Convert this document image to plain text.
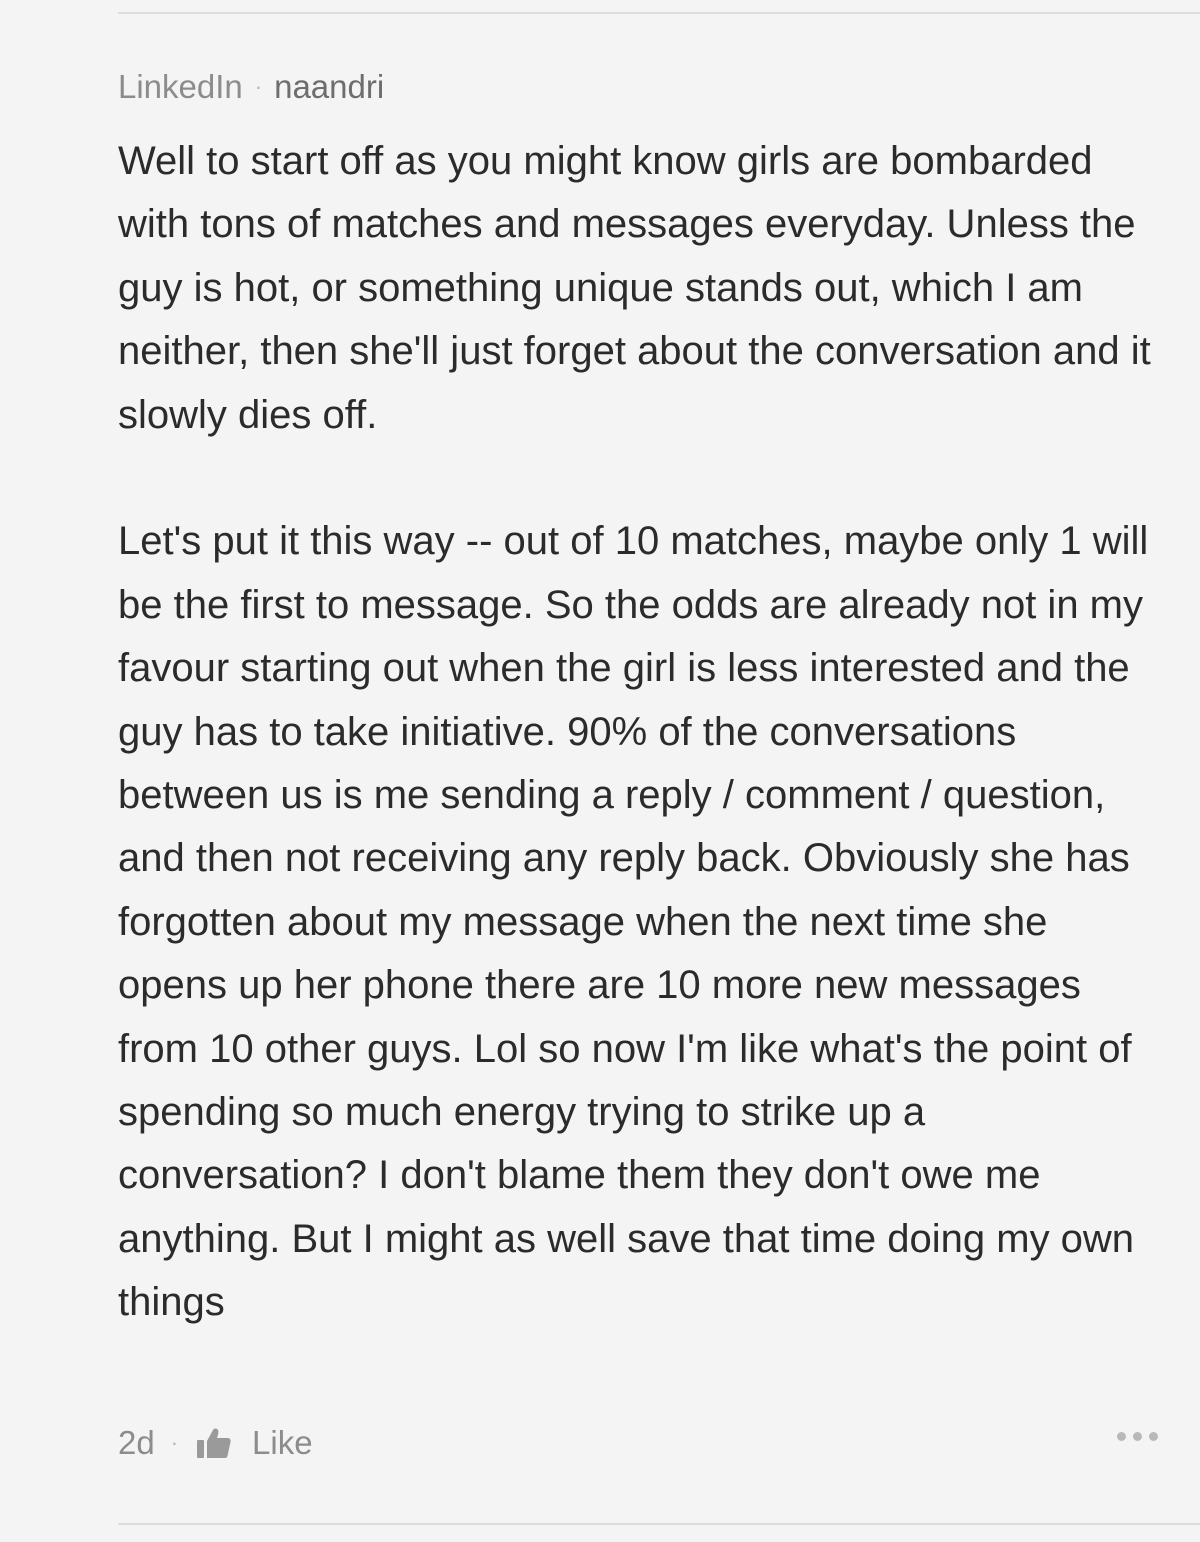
LinkedIn · naandri

Well to start off as you might know girls are bombarded with tons of matches and messages everyday. Unless the guy is hot, or something unique stands out, which I am neither, then she'll just forget about the conversation and it slowly dies off.

Let's put it this way -- out of 10 matches, maybe only 1 will be the first to message. So the odds are already not in my favour starting out when the girl is less interested and the guy has to take initiative. 90% of the conversations between us is me sending a reply / comment / question, and then not receiving any reply back. Obviously she has forgotten about my message when the next time she opens up her phone there are 10 more new messages from 10 other guys. Lol so now I'm like what's the point of spending so much energy trying to strike up a conversation? I don't blame them they don't owe me anything. But I might as well save that time doing my own things

2d · Like
